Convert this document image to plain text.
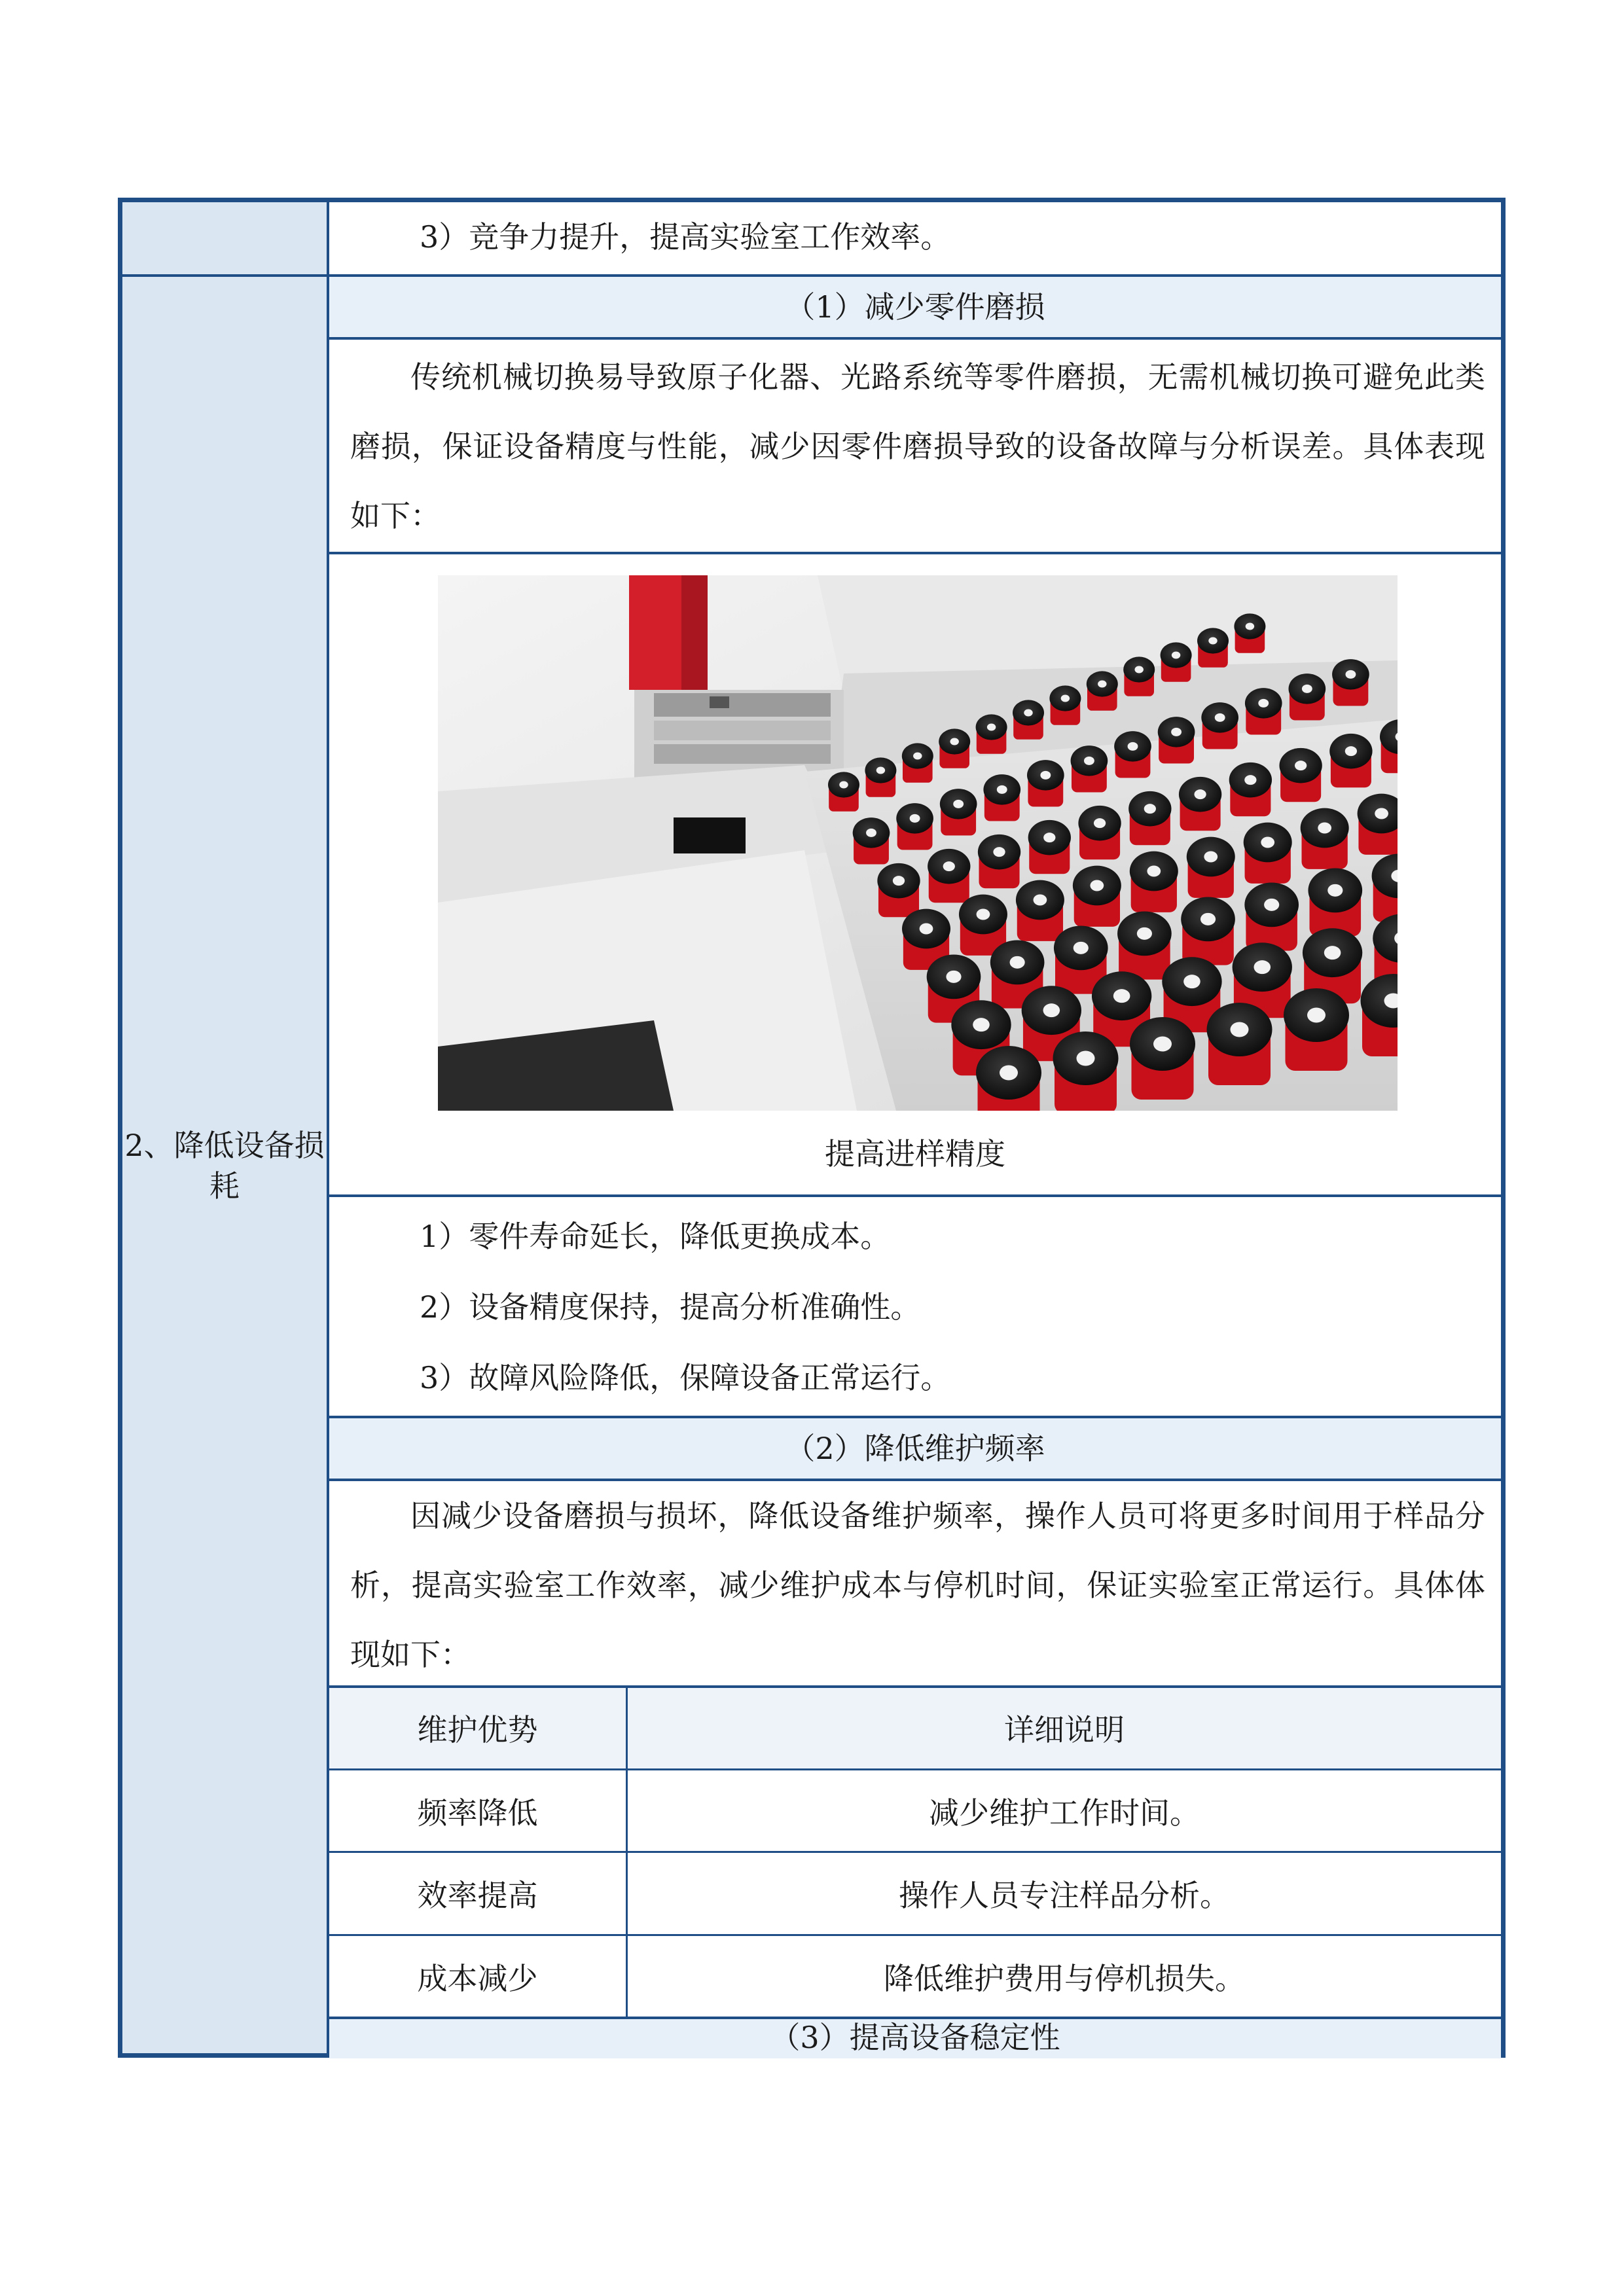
2、降低设备损耗
3）竞争力提升，提高实验室工作效率。
（1）减少零件磨损
传统机械切换易导致原子化器、光路系统等零件磨损，无需机械切换可避免此类磨损，保证设备精度与性能，减少因零件磨损导致的设备故障与分析误差。具体表现如下：
提高进样精度
1）零件寿命延长，降低更换成本。
2）设备精度保持，提高分析准确性。
3）故障风险降低，保障设备正常运行。
（2）降低维护频率
因减少设备磨损与损坏，降低设备维护频率，操作人员可将更多时间用于样品分析，提高实验室工作效率，减少维护成本与停机时间，保证实验室正常运行。具体体现如下：
维护优势	详细说明
频率降低	减少维护工作时间。
效率提高	操作人员专注样品分析。
成本减少	降低维护费用与停机损失。
（3）提高设备稳定性
